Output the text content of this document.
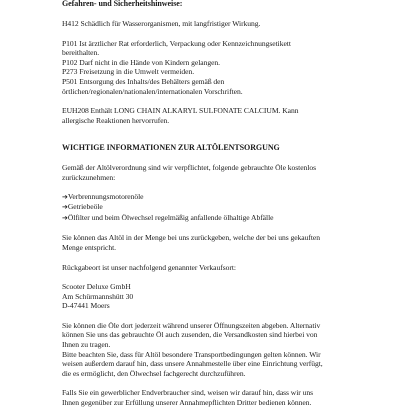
Gefahren- und Sicherheitshinweise:

H412 Schädlich für Wasserorganismen, mit langfristiger Wirkung.

P101 Ist ärztlicher Rat erforderlich, Verpackung oder Kennzeichnungsetikett
bereithalten.
P102 Darf nicht in die Hände von Kindern gelangen.
P273 Freisetzung in die Umwelt vermeiden.
P501 Entsorgung des Inhalts/des Behälters gemäß den
örtlichen/regionalen/nationalen/internationalen Vorschriften.

EUH208 Enthält LONG CHAIN ALKARYL SULFONATE CALCIUM. Kann
allergische Reaktionen hervorrufen.

WICHTIGE INFORMATIONEN ZUR ALTÖLENTSORGUNG

Gemäß der Altölverordnung sind wir verpflichtet, folgende gebrauchte Öle kostenlos
zurückzunehmen:

➔Verbrennungsmotorenöle
➔Getriebeöle
➔Ölfilter und beim Ölwechsel regelmäßig anfallende ölhaltige Abfälle

Sie können das Altöl in der Menge bei uns zurückgeben, welche der bei uns gekauften
Menge entspricht.

Rückgabeort ist unser nachfolgend genannter Verkaufsort:

Scooter Deluxe GmbH
Am Schürmannshütt 30
D-47441 Moers

Sie können die Öle dort jederzeit während unserer Öffnungszeiten abgeben. Alternativ
können Sie uns das gebrauchte Öl auch zusenden, die Versandkosten sind hierbei von
Ihnen zu tragen.
Bitte beachten Sie, dass für Altöl besondere Transportbedingungen gelten können. Wir
weisen außerdem darauf hin, dass unsere Annahmestelle über eine Einrichtung verfügt,
die es ermöglicht, den Ölwechsel fachgerecht durchzuführen.

Falls Sie ein gewerblicher Endverbraucher sind, weisen wir darauf hin, dass wir uns
Ihnen gegenüber zur Erfüllung unserer Annahmepflichten Dritter bedienen können.
